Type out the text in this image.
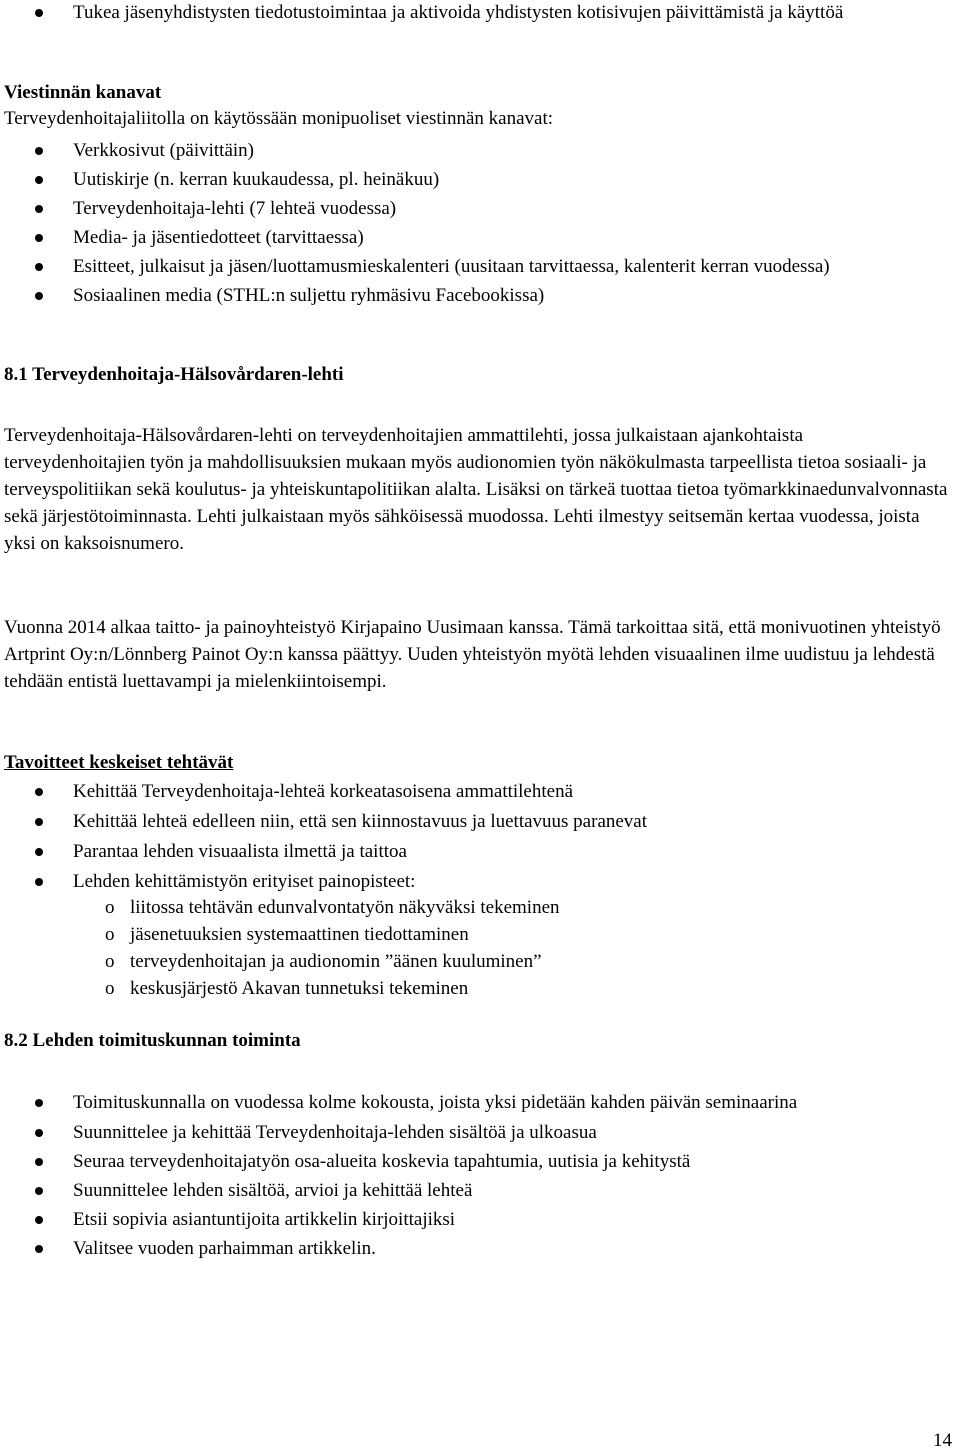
Tukea jäsenyhdistysten tiedotustoimintaa ja aktivoida yhdistysten kotisivujen päivittämistä ja käyttöä

Viestinnän kanavat

Terveydenhoitajaliitolla on käytössään monipuoliset viestinnän kanavat:

Verkkosivut (päivittäin)
Uutiskirje (n. kerran kuukaudessa, pl. heinäkuu)
Terveydenhoitaja-lehti (7 lehteä vuodessa)
Media- ja jäsentiedotteet (tarvittaessa)
Esitteet, julkaisut ja jäsen/luottamusmieskalenteri (uusitaan tarvittaessa, kalenterit kerran vuodessa)
Sosiaalinen media (STHL:n suljettu ryhmäsivu Facebookissa)

8.1 Terveydenhoitaja-Hälsovårdaren-lehti

Terveydenhoitaja-Hälsovårdaren-lehti on terveydenhoitajien ammattilehti, jossa julkaistaan ajankohtaista terveydenhoitajien työn ja mahdollisuuksien mukaan myös audionomien työn näkökulmasta tarpeellista tietoa sosiaali- ja terveyspolitiikan sekä koulutus- ja yhteiskuntapolitiikan alalta. Lisäksi on tärkeä tuottaa tietoa työmarkkinaedunvalvonnasta sekä järjestötoiminnasta. Lehti julkaistaan myös sähköisessä muodossa. Lehti ilmestyy seitsemän kertaa vuodessa, joista yksi on kaksoisnumero.

Vuonna 2014 alkaa taitto- ja painoyhteistyö Kirjapaino Uusimaan kanssa. Tämä tarkoittaa sitä, että monivuotinen yhteistyö Artprint Oy:n/Lönnberg Painot Oy:n kanssa päättyy. Uuden yhteistyön myötä lehden visuaalinen ilme uudistuu ja lehdestä tehdään entistä luettavampi ja mielenkiintoisempi.

Tavoitteet keskeiset tehtävät

Kehittää Terveydenhoitaja-lehteä korkeatasoisena ammattilehtenä
Kehittää lehteä edelleen niin, että sen kiinnostavuus ja luettavuus paranevat
Parantaa lehden visuaalista ilmettä ja taittoa
Lehden kehittämistyön erityiset painopisteet:
o liitossa tehtävän edunvalvontatyön näkyväksi tekeminen
o jäsenetuuksien systemaattinen tiedottaminen
o terveydenhoitajan ja audionomin ”äänen kuuluminen”
o keskusjärjestö Akavan tunnetuksi tekeminen

8.2 Lehden toimituskunnan toiminta

Toimituskunnalla on vuodessa kolme kokousta, joista yksi pidetään kahden päivän seminaarina
Suunnittelee ja kehittää Terveydenhoitaja-lehden sisältöä ja ulkoasua
Seuraa terveydenhoitajatyön osa-alueita koskevia tapahtumia, uutisia ja kehitystä
Suunnittelee lehden sisältöä, arvioi ja kehittää lehteä
Etsii sopivia asiantuntijoita artikkelin kirjoittajiksi
Valitsee vuoden parhaimman artikkelin.
14
